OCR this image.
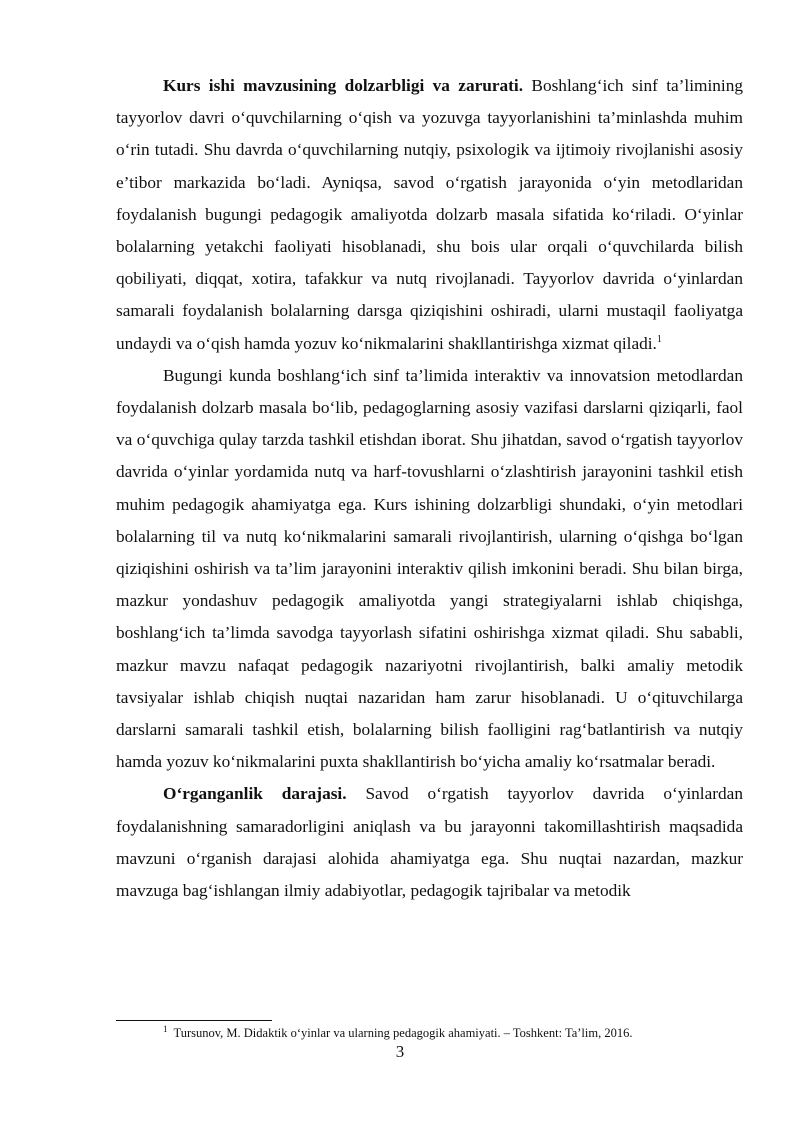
Kurs ishi mavzusining dolzarbligi va zarurati. Boshlang‘ich sinf ta’limining tayyorlov davri o‘quvchilarning o‘qish va yozuvga tayyorlanishini ta’minlashda muhim o‘rin tutadi. Shu davrda o‘quvchilarning nutqiy, psixologik va ijtimoiy rivojlanishi asosiy e’tibor markazida bo‘ladi. Ayniqsa, savod o‘rgatish jarayonida o‘yin metodlaridan foydalanish bugungi pedagogik amaliyotda dolzarb masala sifatida ko‘riladi. O‘yinlar bolalarning yetakchi faoliyati hisoblanadi, shu bois ular orqali o‘quvchilarda bilish qobiliyati, diqqat, xotira, tafakkur va nutq rivojlanadi. Tayyorlov davrida o‘yinlardan samarali foydalanish bolalarning darsga qiziqishini oshiradi, ularni mustaqil faoliyatga undaydi va o‘qish hamda yozuv ko‘nikmalarini shakllantirishga xizmat qiladi.$^1$

Bugungi kunda boshlang‘ich sinf ta’limida interaktiv va innovatsion metodlardan foydalanish dolzarb masala bo‘lib, pedagoglarning asosiy vazifasi darslarni qiziqarli, faol va o‘quvchiga qulay tarzda tashkil etishdan iborat. Shu jihatdan, savod o‘rgatish tayyorlov davrida o‘yinlar yordamida nutq va harf-tovushlarni o‘zlashtirish jarayonini tashkil etish muhim pedagogik ahamiyatga ega. Kurs ishining dolzarbligi shundaki, o‘yin metodlari bolalarning til va nutq ko‘nikmalarini samarali rivojlantirish, ularning o‘qishga bo‘lgan qiziqishini oshirish va ta’lim jarayonini interaktiv qilish imkonini beradi. Shu bilan birga, mazkur yondashuv pedagogik amaliyotda yangi strategiyalarni ishlab chiqishga, boshlang‘ich ta’limda savodga tayyorlash sifatini oshirishga xizmat qiladi. Shu sababli, mazkur mavzu nafaqat pedagogik nazariyotni rivojlantirish, balki amaliy metodik tavsiyalar ishlab chiqish nuqtai nazaridan ham zarur hisoblanadi. U o‘qituvchilarga darslarni samarali tashkil etish, bolalarning bilish faolligini rag‘batlantirish va nutqiy hamda yozuv ko‘nikmalarini puxta shakllantirish bo‘yicha amaliy ko‘rsatmalar beradi.

O‘rganganlik darajasi. Savod o‘rgatish tayyorlov davrida o‘yinlardan foydalanishning samaradorligini aniqlash va bu jarayonni takomillashtirish maqsadida mavzuni o‘rganish darajasi alohida ahamiyatga ega. Shu nuqtai nazardan, mazkur mavzuga bag‘ishlangan ilmiy adabiyotlar, pedagogik tajribalar va metodik

$^1$ Tursunov, M. Didaktik o‘yinlar va ularning pedagogik ahamiyati. – Toshkent: Ta’lim, 2016.
3
